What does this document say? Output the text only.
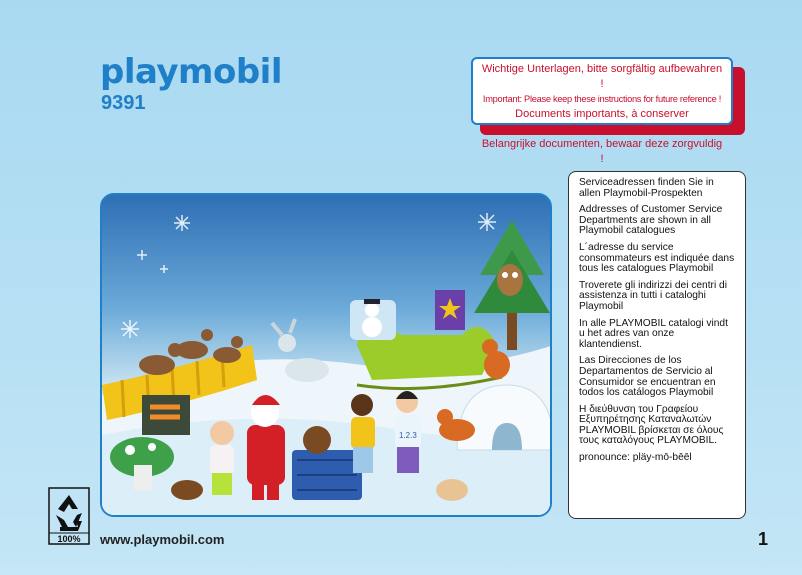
playmobil
9391
Wichtige Unterlagen, bitte sorgfältig aufbewahren !
Important: Please keep these instructions for future reference !
Documents importants, à conserver soigneusement !
Belangrijke documenten, bewaar deze zorgvuldig !
1.2.3

Serviceadressen finden Sie in allen Playmobil-Prospekten

Addresses of Customer Service Departments are shown in all Playmobil catalogues

L´adresse du service consommateurs est indiquée dans tous les catalogues Playmobil

Troverete gli indirizzi dei centri di assistenza in tutti i cataloghi Playmobil

In alle PLAYMOBIL catalogi vindt u het adres van onze klantendienst.

Las Direcciones de los Departamentos de Servicio al Consumidor se encuentran en todos los catálogos Playmobil

Η διεύθυνση του Γραφείου Εξυπηρέτησης Καταναλωτών PLAYMOBIL βρίσκεται σε όλους τους καταλόγους PLAYMOBIL.

pronounce: pläy-mō-bēēl

100% www.playmobil.com	1
